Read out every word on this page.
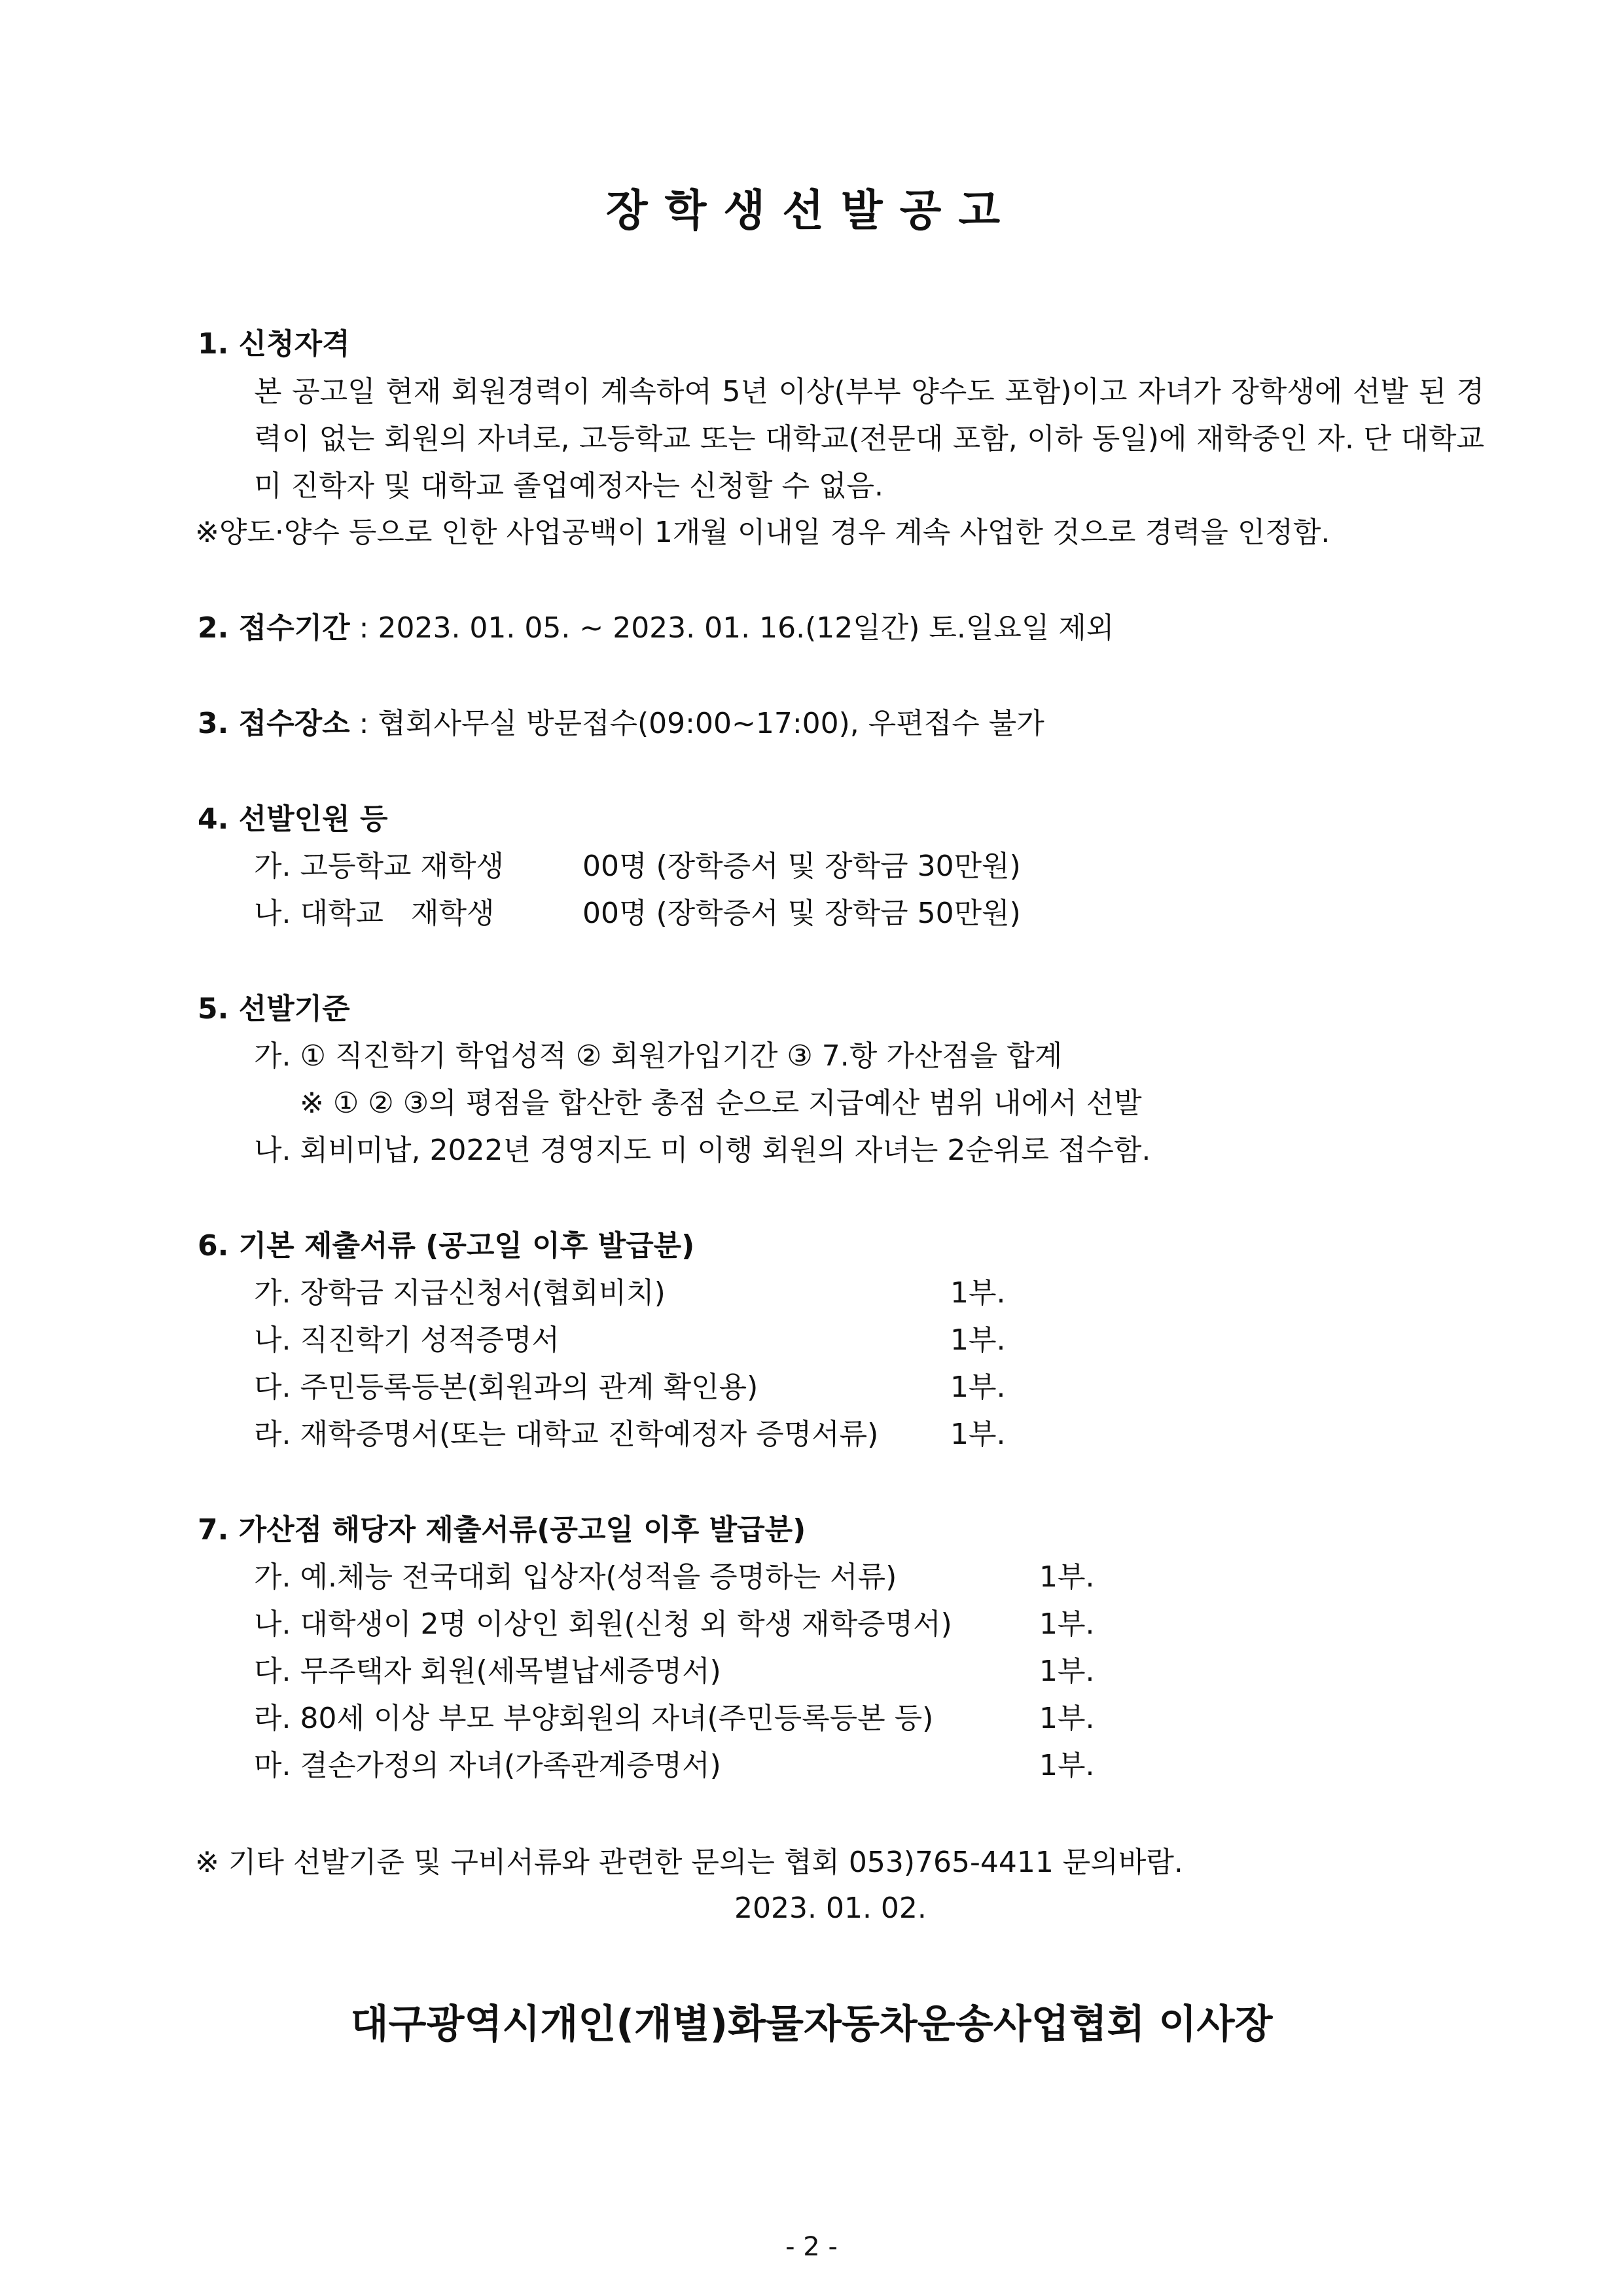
장학생선발공고
1. 신청자격
본 공고일 현재 회원경력이 계속하여 5년 이상(부부 양수도 포함)이고 자녀가 장학생에 선발 된 경력이 없는 회원의 자녀로, 고등학교 또는 대학교(전문대 포함, 이하 동일)에 재학중인 자. 단 대학교 미 진학자 및 대학교 졸업예정자는 신청할 수 없음.
※양도·양수 등으로 인한 사업공백이 1개월 이내일 경우 계속 사업한 것으로 경력을 인정함.
2. 접수기간 : 2023. 01. 05. ~ 2023. 01. 16.(12일간) 토.일요일 제외
3. 접수장소 : 협회사무실 방문접수(09:00~17:00), 우편접수 불가
4. 선발인원 등
가. 고등학교 재학생	00명 (장학증서 및 장학금 30만원)
나. 대학교   재학생	00명 (장학증서 및 장학금 50만원)
5. 선발기준
가. ① 직진학기 학업성적 ② 회원가입기간 ③ 7.항 가산점을 합계
※ ① ② ③의 평점을 합산한 총점 순으로 지급예산 범위 내에서 선발
나. 회비미납, 2022년 경영지도 미 이행 회원의 자녀는 2순위로 접수함.
6. 기본 제출서류 (공고일 이후 발급분)
가. 장학금 지급신청서(협회비치)	1부.
나. 직진학기 성적증명서	1부.
다. 주민등록등본(회원과의 관계 확인용)	1부.
라. 재학증명서(또는 대학교 진학예정자 증명서류) 1부.
7. 가산점 해당자 제출서류(공고일 이후 발급분)
가. 예.체능 전국대회 입상자(성적을 증명하는 서류)	1부.
나. 대학생이 2명 이상인 회원(신청 외 학생 재학증명서)	1부.
다. 무주택자 회원(세목별납세증명서)	1부.
라. 80세 이상 부모 부양회원의 자녀(주민등록등본 등)	1부.
마. 결손가정의 자녀(가족관계증명서)	1부.
※ 기타 선발기준 및 구비서류와 관련한 문의는 협회 053)765-4411 문의바람.
2023. 01. 02.
대구광역시개인(개별)화물자동차운송사업협회 이사장
- 2 -
